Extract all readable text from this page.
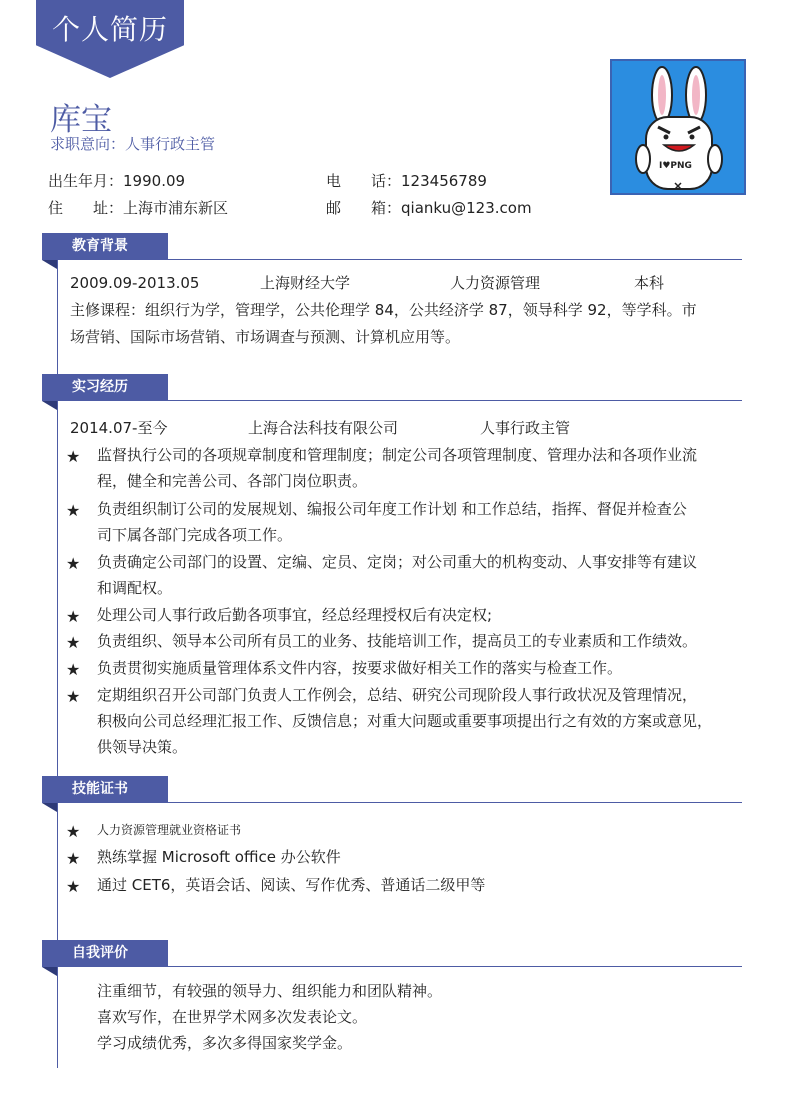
个人简历
库宝
求职意向：人事行政主管
出生年月：1990.09	电　　话：123456789
住　　址：上海市浦东新区	邮　　箱：qianku@123.com
I♥PNG
教育背景
2009.09-2013.05	上海财经大学	人力资源管理	本科
主修课程：组织行为学，管理学，公共伦理学 84，公共经济学 87，领导科学 92，等学科。市
场营销、国际市场营销、市场调查与预测、计算机应用等。
实习经历
2014.07-至今	上海合法科技有限公司	人事行政主管
★ 监督执行公司的各项规章制度和管理制度；制定公司各项管理制度、管理办法和各项作业流
程，健全和完善公司、各部门岗位职责。
★ 负责组织制订公司的发展规划、编报公司年度工作计划 和工作总结，指挥、督促并检查公
司下属各部门完成各项工作。
★ 负责确定公司部门的设置、定编、定员、定岗；对公司重大的机构变动、人事安排等有建议
和调配权。
★ 处理公司人事行政后勤各项事宜，经总经理授权后有决定权;
★ 负责组织、领导本公司所有员工的业务、技能培训工作，提高员工的专业素质和工作绩效。
★ 负责贯彻实施质量管理体系文件内容，按要求做好相关工作的落实与检查工作。
★ 定期组织召开公司部门负责人工作例会，总结、研究公司现阶段人事行政状况及管理情况，
积极向公司总经理汇报工作、反馈信息；对重大问题或重要事项提出行之有效的方案或意见，
供领导决策。
技能证书
★ 人力资源管理就业资格证书
★ 熟练掌握 Microsoft office 办公软件
★ 通过 CET6，英语会话、阅读、写作优秀、普通话二级甲等
自我评价
注重细节，有较强的领导力、组织能力和团队精神。
喜欢写作，在世界学术网多次发表论文。
学习成绩优秀，多次多得国家奖学金。
